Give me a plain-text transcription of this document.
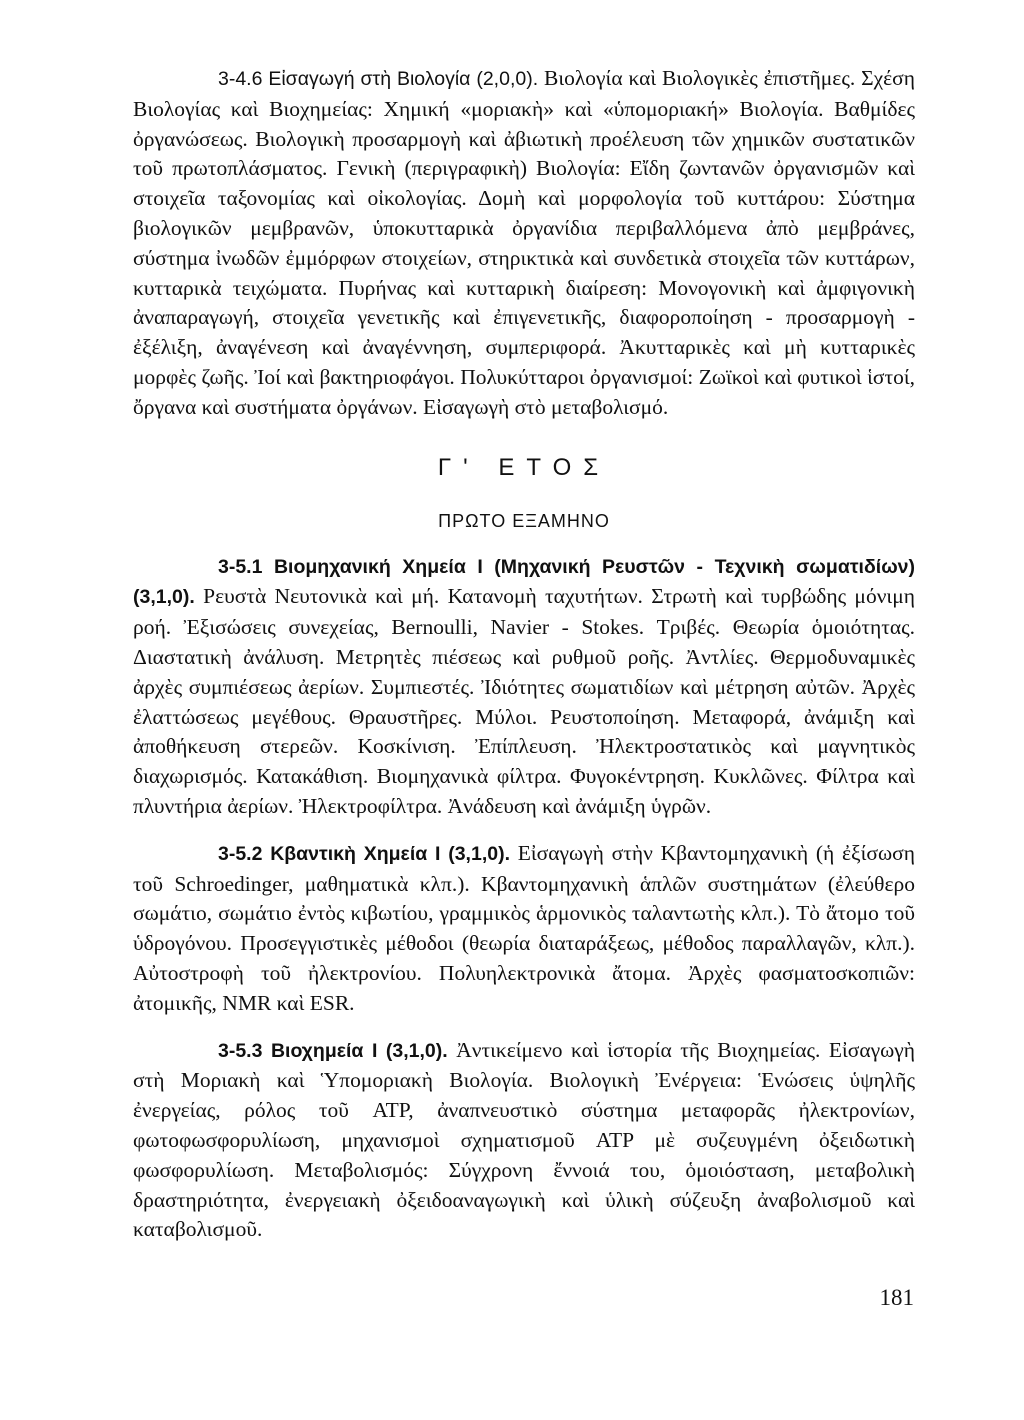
3-4.6 Εἰσαγωγή στὴ Βιολογία (2,0,0). Βιολογία καὶ Βιολογικὲς ἐπιστῆμες. Σχέση Βιολογίας καὶ Βιοχημείας: Χημική «μοριακὴ» καὶ «ὑπομοριακή» Βιολογία. Βαθμίδες ὀργανώσεως. Βιολογικὴ προσαρμογὴ καὶ ἀβιωτικὴ προέλευση τῶν χημικῶν συστατικῶν τοῦ πρωτοπλάσματος. Γενικὴ (περιγραφικὴ) Βιολογία: Εἴδη ζωντανῶν ὀργανισμῶν καὶ στοιχεῖα ταξονομίας καὶ οἰκολογίας. Δομὴ καὶ μορφολογία τοῦ κυττάρου: Σύστημα βιολογικῶν μεμβρανῶν, ὑποκυτταρικὰ ὀργανίδια περιβαλλόμενα ἀπὸ μεμβράνες, σύστημα ἰνωδῶν ἐμμόρφων στοιχείων, στηρικτικὰ καὶ συνδετικὰ στοιχεῖα τῶν κυττάρων, κυτταρικὰ τειχώματα. Πυρήνας καὶ κυτταρικὴ διαίρεση: Μονογονικὴ καὶ ἀμφιγονικὴ ἀναπαραγωγή, στοιχεῖα γενετικῆς καὶ ἐπιγενετικῆς, διαφοροποίηση - προσαρμογὴ - ἐξέλιξη, ἀναγένεση καὶ ἀναγέννηση, συμπεριφορά. Ἀκυτταρικὲς καὶ μὴ κυτταρικὲς μορφὲς ζωῆς. Ἰοί καὶ βακτηριοφάγοι. Πολυκύτταροι ὀργανισμοί: Ζωϊκοὶ καὶ φυτικοὶ ἱστοί, ὄργανα καὶ συστήματα ὀργάνων. Εἰσαγωγὴ στὸ μεταβολισμό.

Γ' ΕΤΟΣ

ΠΡΩΤΟ ΕΞΑΜΗΝΟ

3-5.1 Βιομηχανική Χημεία I (Μηχανική Ρευστῶν - Τεχνικὴ σωματιδίων) (3,1,0). Ρευστὰ Νευτονικὰ καὶ μή. Κατανομὴ ταχυτήτων. Στρωτὴ καὶ τυρβώδης μόνιμη ροή. Ἐξισώσεις συνεχείας, Bernoulli, Navier - Stokes. Τριβές. Θεωρία ὁμοιότητας. Διαστατικὴ ἀνάλυση. Μετρητὲς πιέσεως καὶ ρυθμοῦ ροῆς. Ἀντλίες. Θερμοδυναμικὲς ἀρχὲς συμπιέσεως ἀερίων. Συμπιεστές. Ἰδιότητες σωματιδίων καὶ μέτρηση αὐτῶν. Ἀρχὲς ἐλαττώσεως μεγέθους. Θραυστῆρες. Μύλοι. Ρευστοποίηση. Μεταφορά, ἀνάμιξη καὶ ἀποθήκευση στερεῶν. Κοσκίνιση. Ἐπίπλευση. Ἠλεκτροστατικὸς καὶ μαγνητικὸς διαχωρισμός. Κατακάθιση. Βιομηχανικὰ φίλτρα. Φυγοκέντρηση. Κυκλῶνες. Φίλτρα καὶ πλυντήρια ἀερίων. Ἠλεκτροφίλτρα. Ἀνάδευση καὶ ἀνάμιξη ὑγρῶν.

3-5.2 Κβαντικὴ Χημεία I (3,1,0). Εἰσαγωγὴ στὴν Κβαντομηχανικὴ (ἡ ἐξίσωση τοῦ Schroedinger, μαθηματικὰ κλπ.). Κβαντομηχανικὴ ἁπλῶν συστημάτων (ἐλεύθερο σωμάτιο, σωμάτιο ἐντὸς κιβωτίου, γραμμικὸς ἁρμονικὸς ταλαντωτὴς κλπ.). Τὸ ἄτομο τοῦ ὑδρογόνου. Προσεγγιστικὲς μέθοδοι (θεωρία διαταράξεως, μέθοδος παραλλαγῶν, κλπ.). Αὐτοστροφὴ τοῦ ἠλεκτρονίου. Πολυηλεκτρονικὰ ἄτομα. Ἀρχὲς φασματοσκοπιῶν: ἀτομικῆς, NMR καὶ ESR.

3-5.3 Βιοχημεία I (3,1,0). Ἀντικείμενο καὶ ἱστορία τῆς Βιοχημείας. Εἰσαγωγὴ στὴ Μοριακὴ καὶ Ὑπομοριακὴ Βιολογία. Βιολογικὴ Ἐνέργεια: Ἑνώσεις ὑψηλῆς ἐνεργείας, ρόλος τοῦ ATP, ἀναπνευστικὸ σύστημα μεταφορᾶς ἠλεκτρονίων, φωτοφωσφορυλίωση, μηχανισμοὶ σχηματισμοῦ ATP μὲ συζευγμένη ὀξειδωτικὴ φωσφορυλίωση. Μεταβολισμός: Σύγχρονη ἔννοιά του, ὁμοιόσταση, μεταβολικὴ δραστηριότητα, ἐνεργειακὴ ὀξειδοαναγωγικὴ καὶ ὑλικὴ σύζευξη ἀναβολισμοῦ καὶ καταβολισμοῦ.

181
